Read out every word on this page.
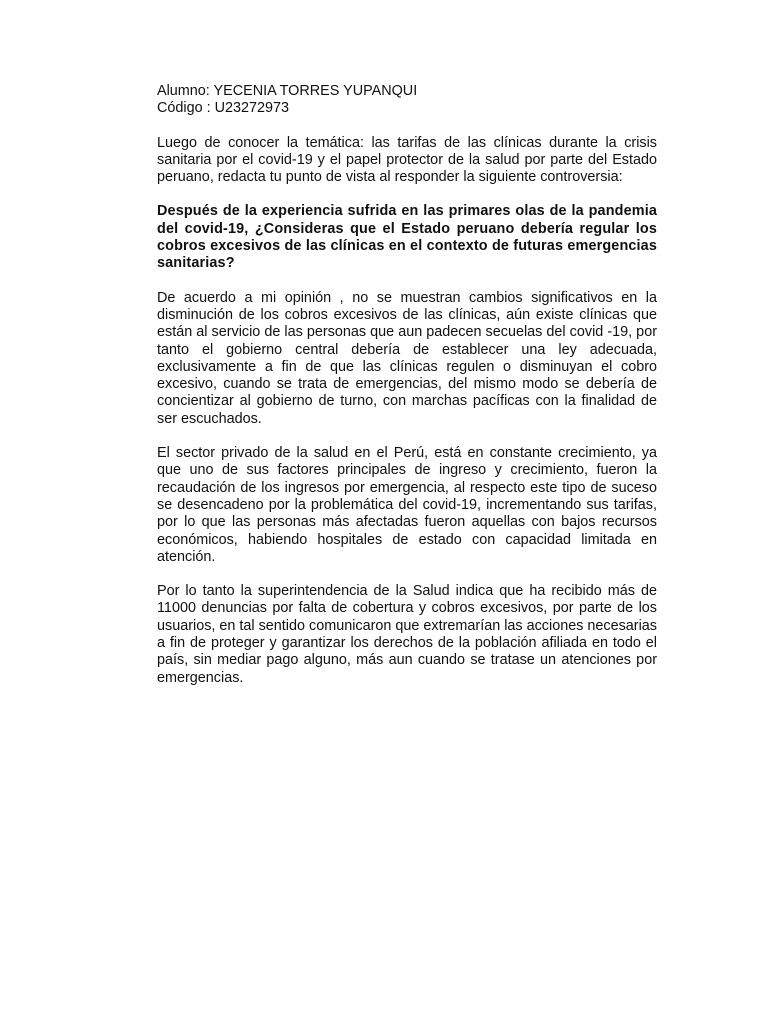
Alumno: YECENIA TORRES YUPANQUI

Código : U23272973

Luego de conocer la temática: las tarifas de las clínicas durante la crisis sanitaria por el covid-19 y el papel protector de la salud por parte del Estado peruano, redacta tu punto de vista al responder la siguiente controversia:

Después de la experiencia sufrida en las primares olas de la pandemia del covid-19, ¿Consideras que el Estado peruano debería regular los cobros excesivos de las clínicas en el contexto de futuras emergencias sanitarias?

De acuerdo a mi opinión , no se muestran cambios significativos en la disminución de los cobros excesivos de las clínicas, aún existe clínicas que están al servicio de las personas que aun padecen secuelas del covid -19, por tanto el gobierno central debería de establecer una ley adecuada, exclusivamente a fin de que las clínicas regulen o disminuyan el cobro excesivo, cuando se trata de emergencias, del mismo modo se debería de concientizar al gobierno de turno, con marchas pacíficas con la finalidad de ser escuchados.

El sector privado de la salud en el Perú, está en constante crecimiento, ya que uno de sus factores principales de ingreso y crecimiento, fueron la recaudación de los ingresos por emergencia, al respecto este tipo de suceso se desencadeno por la problemática del covid-19, incrementando sus tarifas, por lo que las personas más afectadas fueron aquellas con bajos recursos económicos, habiendo hospitales de estado con capacidad limitada en atención.

Por lo tanto la superintendencia de la Salud indica que ha recibido más de 11000 denuncias por falta de cobertura y cobros excesivos, por parte de los usuarios, en tal sentido comunicaron que extremarían las acciones necesarias a fin de proteger y garantizar los derechos de la población afiliada en todo el país, sin mediar pago alguno, más aun cuando se tratase un atenciones por emergencias.
